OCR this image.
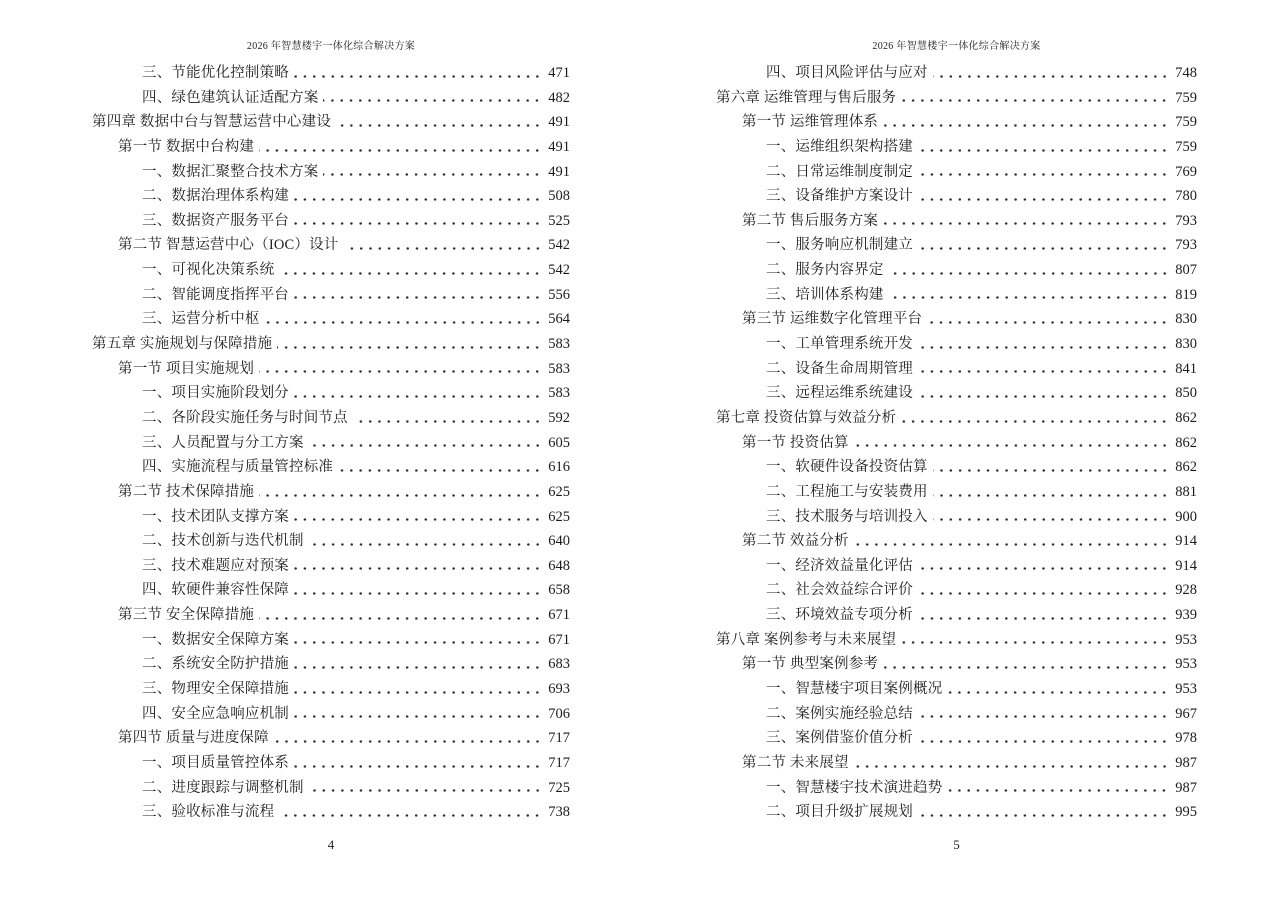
2026 年智慧楼宇一体化综合解决方案
三、节能优化控制策略	471
四、绿色建筑认证适配方案	482
第四章 数据中台与智慧运营中心建设	491
第一节 数据中台构建	491
一、数据汇聚整合技术方案	491
二、数据治理体系构建	508
三、数据资产服务平台	525
第二节 智慧运营中心（IOC）设计	542
一、可视化决策系统	542
二、智能调度指挥平台	556
三、运营分析中枢	564
第五章 实施规划与保障措施	583
第一节 项目实施规划	583
一、项目实施阶段划分	583
二、各阶段实施任务与时间节点	592
三、人员配置与分工方案	605
四、实施流程与质量管控标准	616
第二节 技术保障措施	625
一、技术团队支撑方案	625
二、技术创新与迭代机制	640
三、技术难题应对预案	648
四、软硬件兼容性保障	658
第三节 安全保障措施	671
一、数据安全保障方案	671
二、系统安全防护措施	683
三、物理安全保障措施	693
四、安全应急响应机制	706
第四节 质量与进度保障	717
一、项目质量管控体系	717
二、进度跟踪与调整机制	725
三、验收标准与流程	738
4
2026 年智慧楼宇一体化综合解决方案
四、项目风险评估与应对	748
第六章 运维管理与售后服务	759
第一节 运维管理体系	759
一、运维组织架构搭建	759
二、日常运维制度制定	769
三、设备维护方案设计	780
第二节 售后服务方案	793
一、服务响应机制建立	793
二、服务内容界定	807
三、培训体系构建	819
第三节 运维数字化管理平台	830
一、工单管理系统开发	830
二、设备生命周期管理	841
三、远程运维系统建设	850
第七章 投资估算与效益分析	862
第一节 投资估算	862
一、软硬件设备投资估算	862
二、工程施工与安装费用	881
三、技术服务与培训投入	900
第二节 效益分析	914
一、经济效益量化评估	914
二、社会效益综合评价	928
三、环境效益专项分析	939
第八章 案例参考与未来展望	953
第一节 典型案例参考	953
一、智慧楼宇项目案例概况	953
二、案例实施经验总结	967
三、案例借鉴价值分析	978
第二节 未来展望	987
一、智慧楼宇技术演进趋势	987
二、项目升级扩展规划	995
5
